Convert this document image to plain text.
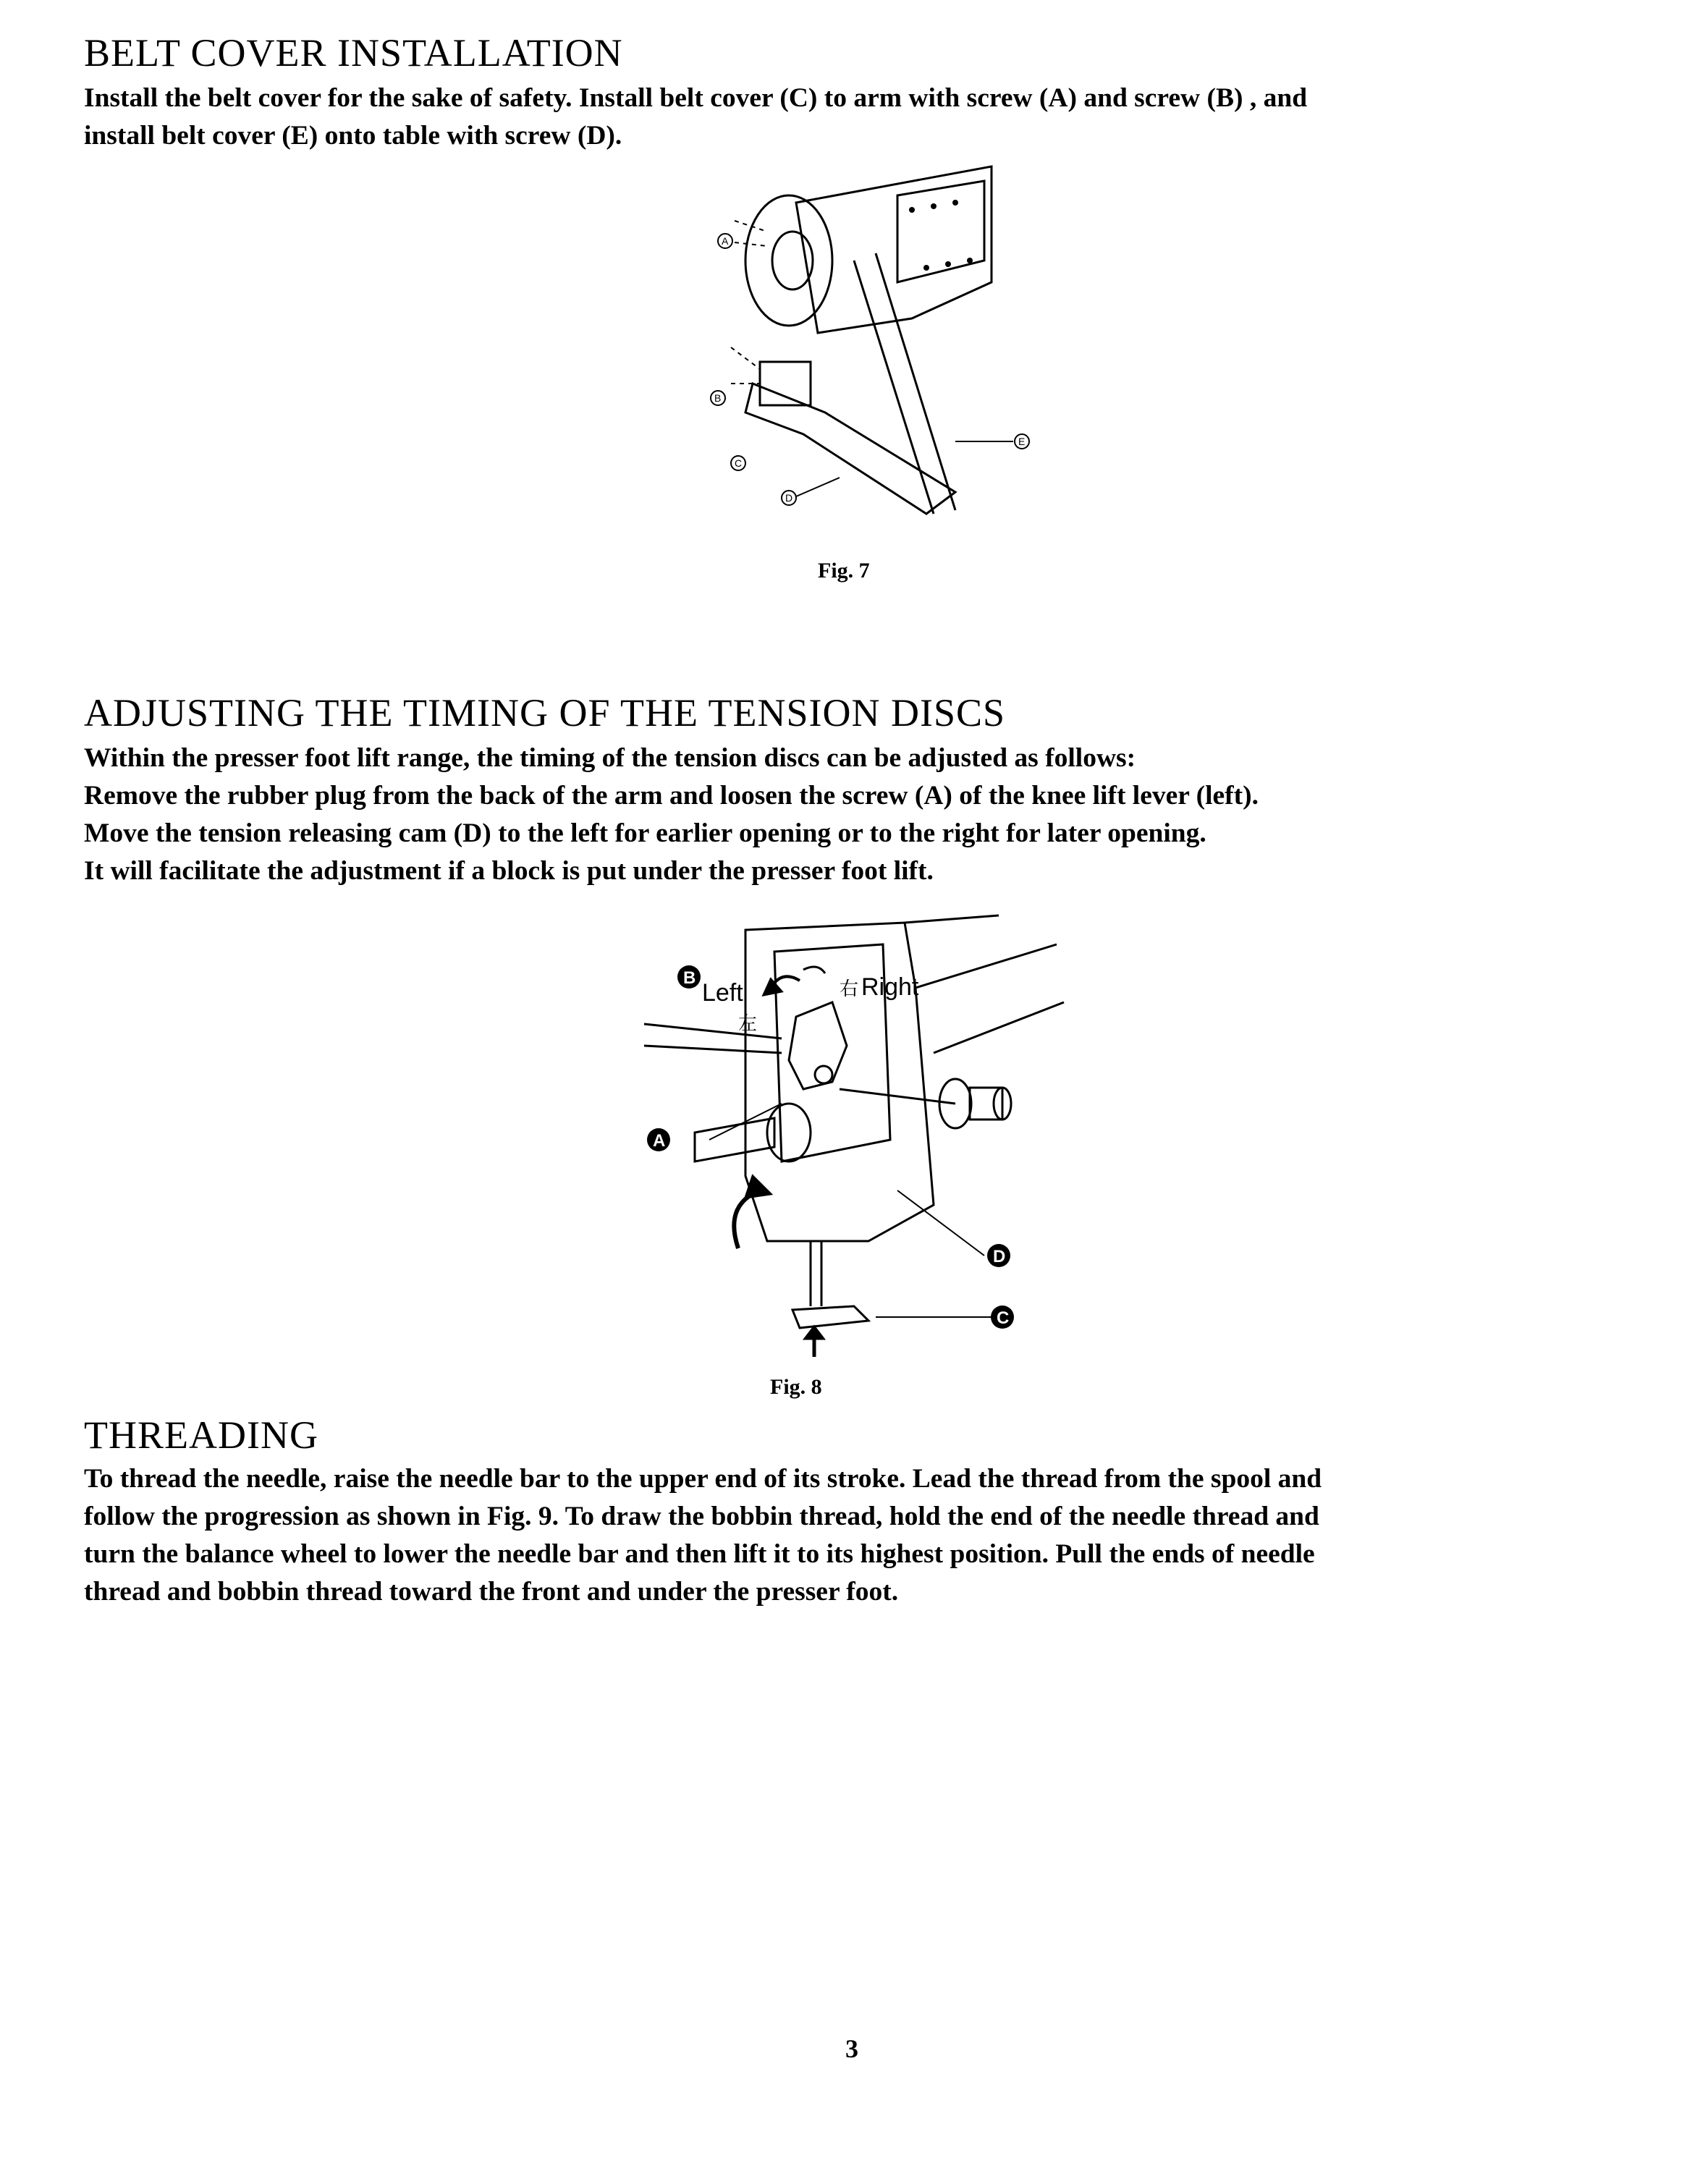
BELT COVER INSTALLATION

Install the belt cover for the sake of safety. Install belt cover (C) to arm with screw (A) and screw (B) , and

install belt cover (E) onto table with screw (D).

A
B
C
D
E
Fig. 7
ADJUSTING THE TIMING OF THE TENSION DISCS

Within the presser foot lift range, the timing of the tension discs can be adjusted as follows:

Remove the rubber plug from the back of the arm and loosen the screw (A) of the knee lift lever (left).

Move the tension releasing cam (D) to the left for earlier opening or to the right for later opening.

It will facilitate the adjustment if a block is put under the presser foot lift.

Left
左
右 Right
B
A
D
C
Fig. 8
THREADING

To thread the needle, raise the needle bar to the upper end of its stroke. Lead the thread from the spool and

follow the progression as shown in Fig. 9. To draw the bobbin thread, hold the end of the needle thread and

turn the balance wheel to lower the needle bar and then lift it to its highest position. Pull the ends of needle

thread and bobbin thread toward the front and under the presser foot.

3
